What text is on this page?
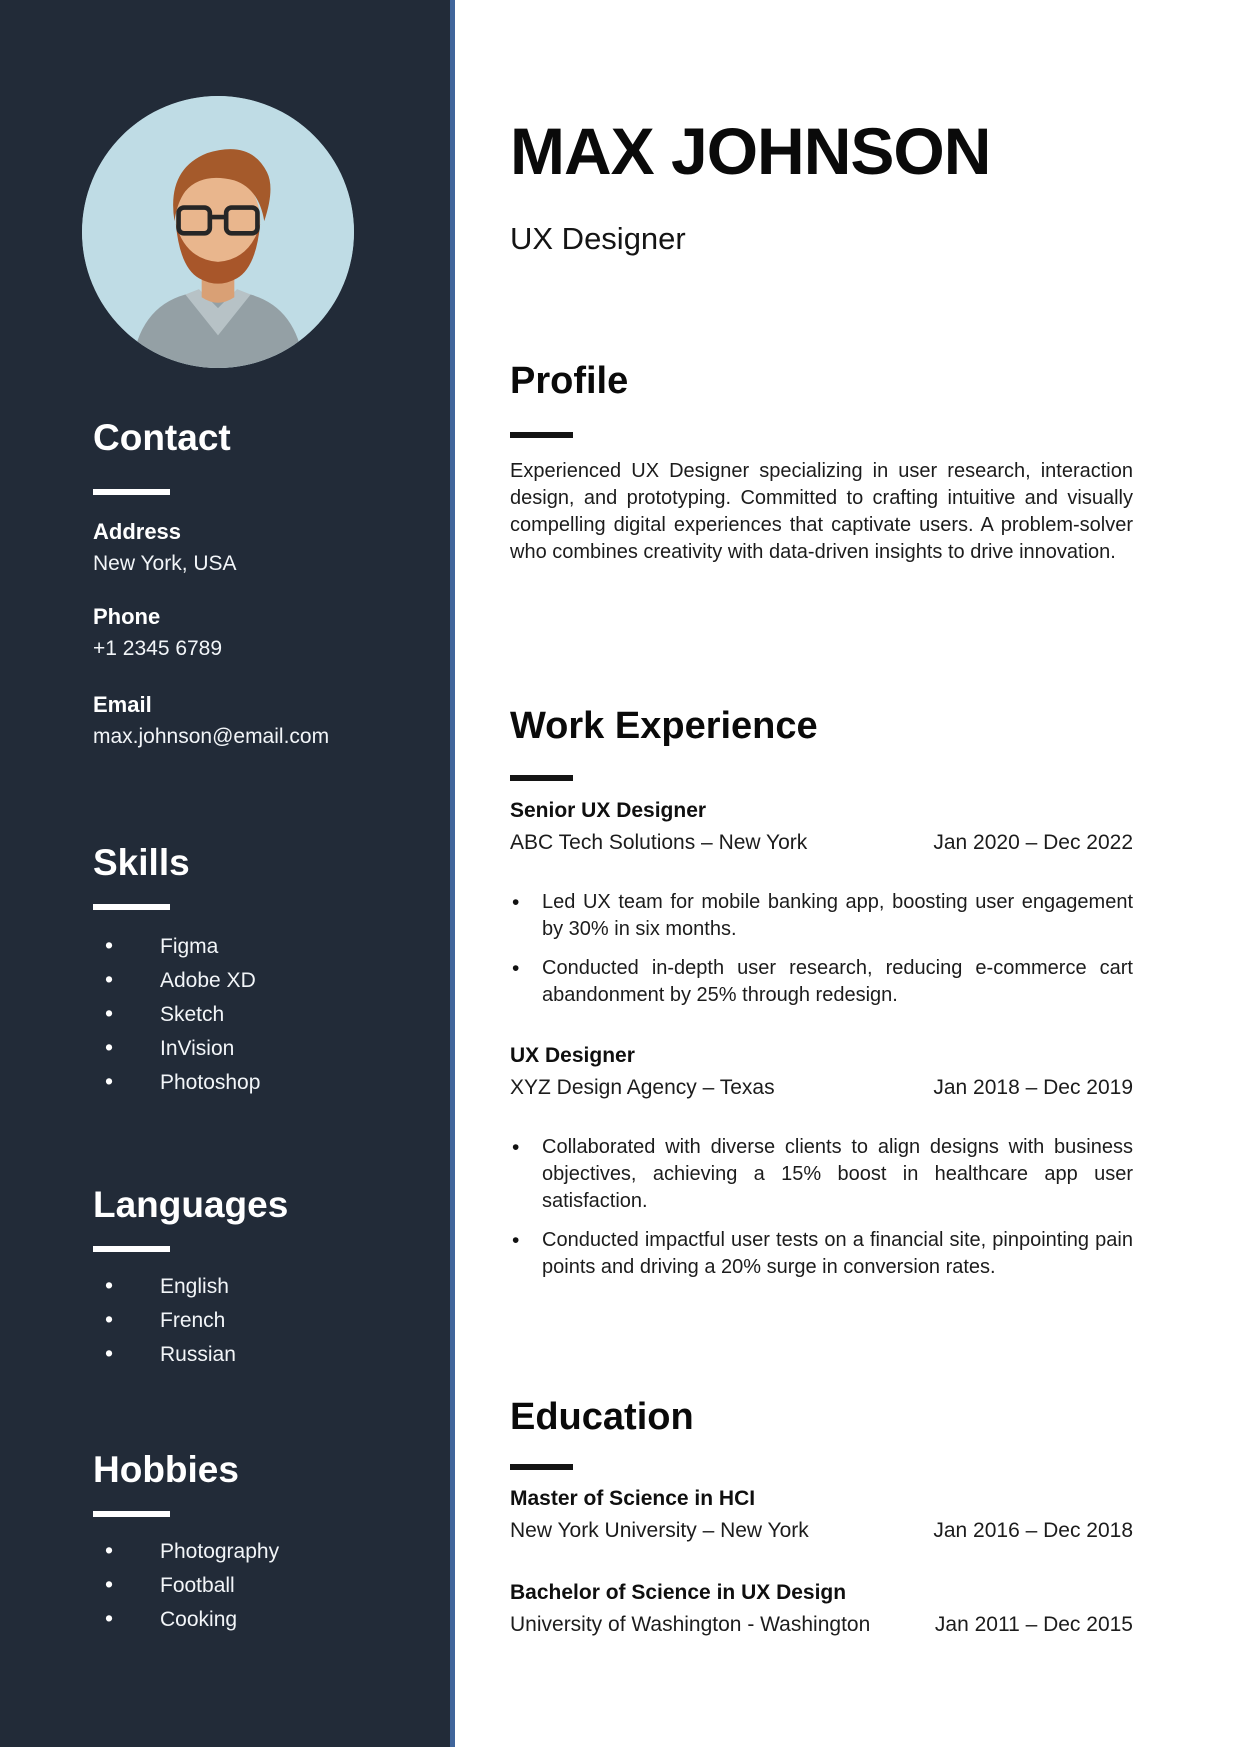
Contact
Address
New York, USA
Phone
+1 2345 6789
Email
max.johnson@email.com
Skills
• Figma
• Adobe XD
• Sketch
• InVision
• Photoshop
Languages
• English
• French
• Russian
Hobbies
• Photography
• Football
• Cooking
MAX JOHNSON
UX Designer
Profile

Experienced UX Designer specializing in user research, interaction design, and prototyping. Committed to crafting intuitive and visually compelling digital experiences that captivate users. A problem-solver who combines creativity with data-driven insights to drive innovation.

Work Experience
Senior UX Designer
ABC Tech Solutions – New York	Jan 2020 – Dec 2022
• Led UX team for mobile banking app, boosting user engagement by 30% in six months.
• Conducted in-depth user research, reducing e-commerce cart abandonment by 25% through redesign.
UX Designer
XYZ Design Agency – Texas	Jan 2018 – Dec 2019
• Collaborated with diverse clients to align designs with business objectives, achieving a 15% boost in healthcare app user satisfaction.
• Conducted impactful user tests on a financial site, pinpointing pain points and driving a 20% surge in conversion rates.
Education
Master of Science in HCI
New York University – New York	Jan 2016 – Dec 2018
Bachelor of Science in UX Design
University of Washington - Washington	Jan 2011 – Dec 2015
